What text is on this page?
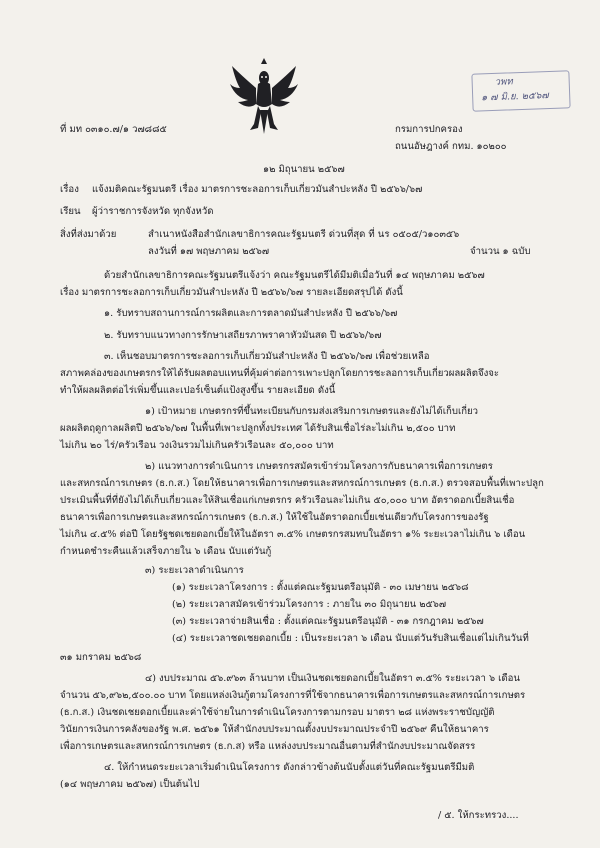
ที่ มท ๐๓๑๐.๗/๑ ว๗๘๘๕	กรมการปกครอง
ถนนอัษฎางค์ กทม. ๑๐๒๐๐
๑๒ มิถุนายน ๒๕๖๗
วพท
๑ ๗ มิ.ย. ๒๕๖๗
เรื่อง แจ้งมติคณะรัฐมนตรี เรื่อง มาตรการชะลอการเก็บเกี่ยวมันสำปะหลัง ปี ๒๕๖๖/๖๗
เรียน ผู้ว่าราชการจังหวัด ทุกจังหวัด
สิ่งที่ส่งมาด้วย	สำเนาหนังสือสำนักเลขาธิการคณะรัฐมนตรี ด่วนที่สุด ที่ นร ๐๕๐๕/ว๑๐๓๕๖
ลงวันที่ ๑๗ พฤษภาคม ๒๕๖๗	จำนวน ๑ ฉบับ
ด้วยสำนักเลขาธิการคณะรัฐมนตรีแจ้งว่า คณะรัฐมนตรีได้มีมติเมื่อวันที่ ๑๔ พฤษภาคม ๒๕๖๗
เรื่อง มาตรการชะลอการเก็บเกี่ยวมันสำปะหลัง ปี ๒๕๖๖/๖๗ รายละเอียดสรุปได้ ดังนี้
๑. รับทราบสถานการณ์การผลิตและการตลาดมันสำปะหลัง ปี ๒๕๖๖/๖๗
๒. รับทราบแนวทางการรักษาเสถียรภาพราคาหัวมันสด ปี ๒๕๖๖/๖๗
๓. เห็นชอบมาตรการชะลอการเก็บเกี่ยวมันสำปะหลัง ปี ๒๕๖๖/๖๗ เพื่อช่วยเหลือ
สภาพคล่องของเกษตรกรให้ได้รับผลตอบแทนที่คุ้มค่าต่อการเพาะปลูกโดยการชะลอการเก็บเกี่ยวผลผลิตจึงจะ
ทำให้ผลผลิตต่อไร่เพิ่มขึ้นและเปอร์เซ็นต์แป้งสูงขึ้น รายละเอียด ดังนี้
๑) เป้าหมาย เกษตรกรที่ขึ้นทะเบียนกับกรมส่งเสริมการเกษตรและยังไม่ได้เก็บเกี่ยว
ผลผลิตฤดูกาลผลิตปี ๒๕๖๖/๖๗ ในพื้นที่เพาะปลูกทั้งประเทศ ได้รับสินเชื่อไร่ละไม่เกิน ๒,๕๐๐ บาท
ไม่เกิน ๒๐ ไร่/ครัวเรือน วงเงินรวมไม่เกินครัวเรือนละ ๕๐,๐๐๐ บาท
๒) แนวทางการดำเนินการ เกษตรกรสมัครเข้าร่วมโครงการกับธนาคารเพื่อการเกษตร
และสหกรณ์การเกษตร (ธ.ก.ส.) โดยให้ธนาคารเพื่อการเกษตรและสหกรณ์การเกษตร (ธ.ก.ส.) ตรวจสอบพื้นที่เพาะปลูก
ประเมินพื้นที่ที่ยังไม่ได้เก็บเกี่ยวและให้สินเชื่อแก่เกษตรกร ครัวเรือนละไม่เกิน ๕๐,๐๐๐ บาท อัตราดอกเบี้ยสินเชื่อ
ธนาคารเพื่อการเกษตรและสหกรณ์การเกษตร (ธ.ก.ส.) ให้ใช้ในอัตราดอกเบี้ยเช่นเดียวกับโครงการของรัฐ
ไม่เกิน ๔.๕% ต่อปี โดยรัฐชดเชยดอกเบี้ยให้ในอัตรา ๓.๕% เกษตรกรสมทบในอัตรา ๑% ระยะเวลาไม่เกิน ๖ เดือน
กำหนดชำระคืนแล้วเสร็จภายใน ๖ เดือน นับแต่วันกู้
๓) ระยะเวลาดำเนินการ
(๑) ระยะเวลาโครงการ : ตั้งแต่คณะรัฐมนตรีอนุมัติ - ๓๐ เมษายน ๒๕๖๘
(๒) ระยะเวลาสมัครเข้าร่วมโครงการ : ภายใน ๓๐ มิถุนายน ๒๕๖๗
(๓) ระยะเวลาจ่ายสินเชื่อ : ตั้งแต่คณะรัฐมนตรีอนุมัติ - ๓๑ กรกฎาคม ๒๕๖๗
(๔) ระยะเวลาชดเชยดอกเบี้ย : เป็นระยะเวลา ๖ เดือน นับแต่วันรับสินเชื่อแต่ไม่เกินวันที่
๓๑ มกราคม ๒๕๖๘
๔) งบประมาณ ๕๖.๙๖๓ ล้านบาท เป็นเงินชดเชยดอกเบี้ยในอัตรา ๓.๕% ระยะเวลา ๖ เดือน
จำนวน ๕๖,๙๖๒,๕๐๐.๐๐ บาท โดยแหล่งเงินกู้ตามโครงการที่ใช้จากธนาคารเพื่อการเกษตรและสหกรณ์การเกษตร
(ธ.ก.ส.) เงินชดเชยดอกเบี้ยและค่าใช้จ่ายในการดำเนินโครงการตามกรอบ มาตรา ๒๘ แห่งพระราชบัญญัติ
วินัยการเงินการคลังของรัฐ พ.ศ. ๒๕๖๑ ให้สำนักงบประมาณตั้งงบประมาณประจำปี ๒๕๖๙ คืนให้ธนาคาร
เพื่อการเกษตรและสหกรณ์การเกษตร (ธ.ก.ส) หรือ แหล่งงบประมาณอื่นตามที่สำนักงบประมาณจัดสรร
๔. ให้กำหนดระยะเวลาเริ่มดำเนินโครงการ ดังกล่าวข้างต้นนับตั้งแต่วันที่คณะรัฐมนตรีมีมติ
(๑๔ พฤษภาคม ๒๕๖๗) เป็นต้นไป
/ ๕. ให้กระทรวง....
